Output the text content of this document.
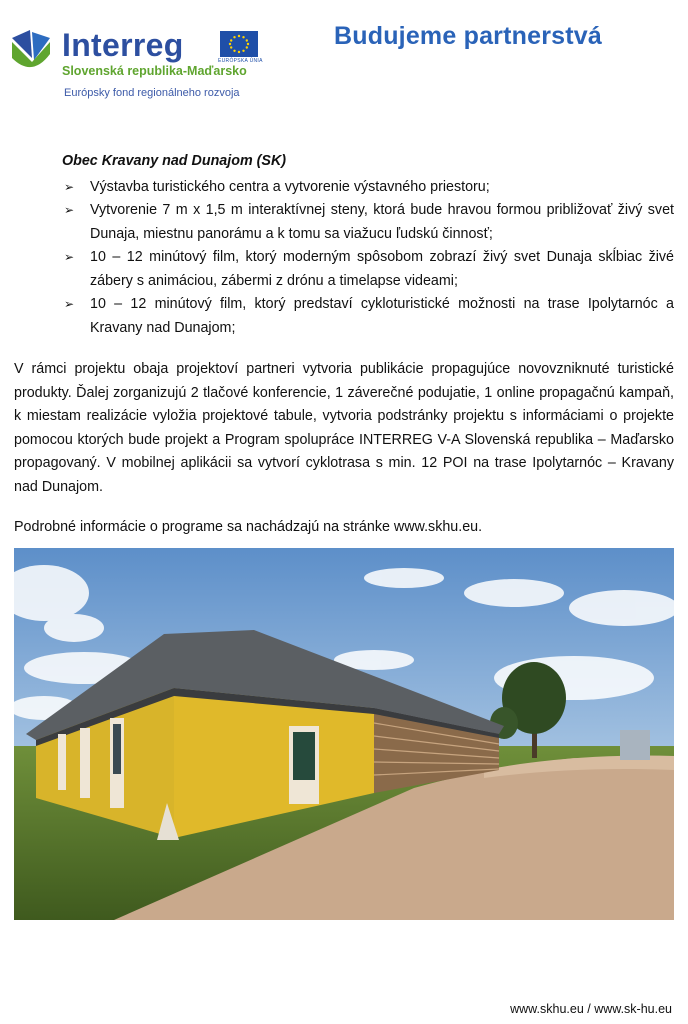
Interreg	EURÓPSKA ÚNIA
Slovenská republika-Maďarsko
Európsky fond regionálneho rozvoja
Budujeme partnerstvá
Obec Kravany nad Dunajom (SK)
➢ Výstavba turistického centra a vytvorenie výstavného priestoru;
➢ Vytvorenie 7 m x 1,5 m interaktívnej steny, ktorá bude hravou formou približovať živý svet Dunaja, miestnu panorámu a k tomu sa viažucu ľudskú činnosť;
➢ 10 – 12 minútový film, ktorý moderným spôsobom zobrazí živý svet Dunaja skĺbiac živé zábery s animáciou, zábermi z drónu a timelapse videami;
➢ 10 – 12 minútový film, ktorý predstaví cykloturistické možnosti na trase Ipolytarnóc a Kravany nad Dunajom;

V rámci projektu obaja projektoví partneri vytvoria publikácie propagujúce novovzniknuté turistické produkty. Ďalej zorganizujú 2 tlačové konferencie, 1 záverečné podujatie, 1 online propagačnú kampaň, k miestam realizácie vyložia projektové tabule, vytvoria podstránky projektu s informáciami o projekte pomocou ktorých bude projekt a Program spolupráce INTERREG V-A Slovenská republika – Maďarsko propagovaný. V mobilnej aplikácii sa vytvorí cyklotrasa s min. 12 POI na trase Ipolytarnóc – Kravany nad Dunajom.

Podrobné informácie o programe sa nachádzajú na stránke www.skhu.eu.

www.skhu.eu / www.sk-hu.eu
